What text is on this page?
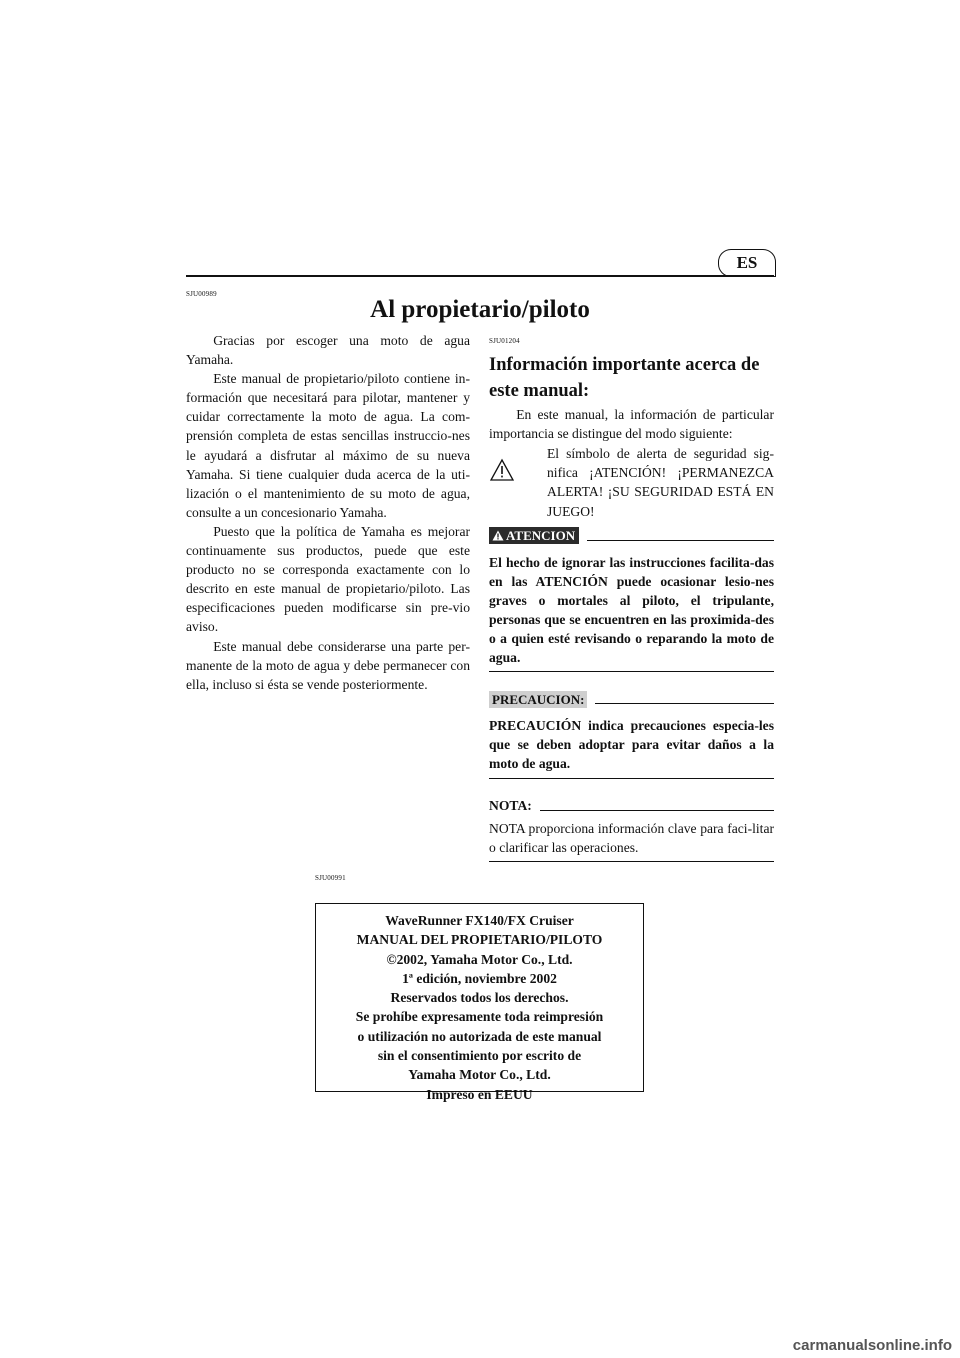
ES
SJU00989
Al propietario/piloto

Gracias por escoger una moto de agua Yamaha.

Este manual de propietario/piloto contiene in-formación que necesitará para pilotar, mantener y cuidar correctamente la moto de agua. La com-prensión completa de estas sencillas instruccio-nes le ayudará a disfrutar al máximo de su nueva Yamaha. Si tiene cualquier duda acerca de la uti-lización o el mantenimiento de su moto de agua, consulte a un concesionario Yamaha.

Puesto que la política de Yamaha es mejorar continuamente sus productos, puede que este producto no se corresponda exactamente con lo descrito en este manual de propietario/piloto. Las especificaciones pueden modificarse sin pre-vio aviso.

Este manual debe considerarse una parte per-manente de la moto de agua y debe permanecer con ella, incluso si ésta se vende posteriormente.

SJU01204
Información importante acerca de este manual:
En este manual, la información de particular importancia se distingue del modo siguiente:
El símbolo de alerta de seguridad sig-nifica ¡ATENCIÓN! ¡PERMANEZCA ALERTA! ¡SU SEGURIDAD ESTÁ EN JUEGO!
ATENCION
El hecho de ignorar las instrucciones facilita-das en las ATENCIÓN puede ocasionar lesio-nes graves o mortales al piloto, el tripulante, personas que se encuentren en las proximida-des o a quien esté revisando o reparando la moto de agua.
PRECAUCION:
PRECAUCIÓN indica precauciones especia-les que se deben adoptar para evitar daños a la moto de agua.
NOTA:
NOTA proporciona información clave para faci-litar o clarificar las operaciones.
SJU00991
WaveRunner FX140/FX Cruiser
MANUAL DEL PROPIETARIO/PILOTO
©2002, Yamaha Motor Co., Ltd.
1ª edición, noviembre 2002
Reservados todos los derechos.
Se prohíbe expresamente toda reimpresión
o utilización no autorizada de este manual
sin el consentimiento por escrito de
Yamaha Motor Co., Ltd.
Impreso en EEUU
carmanualsonline.info
